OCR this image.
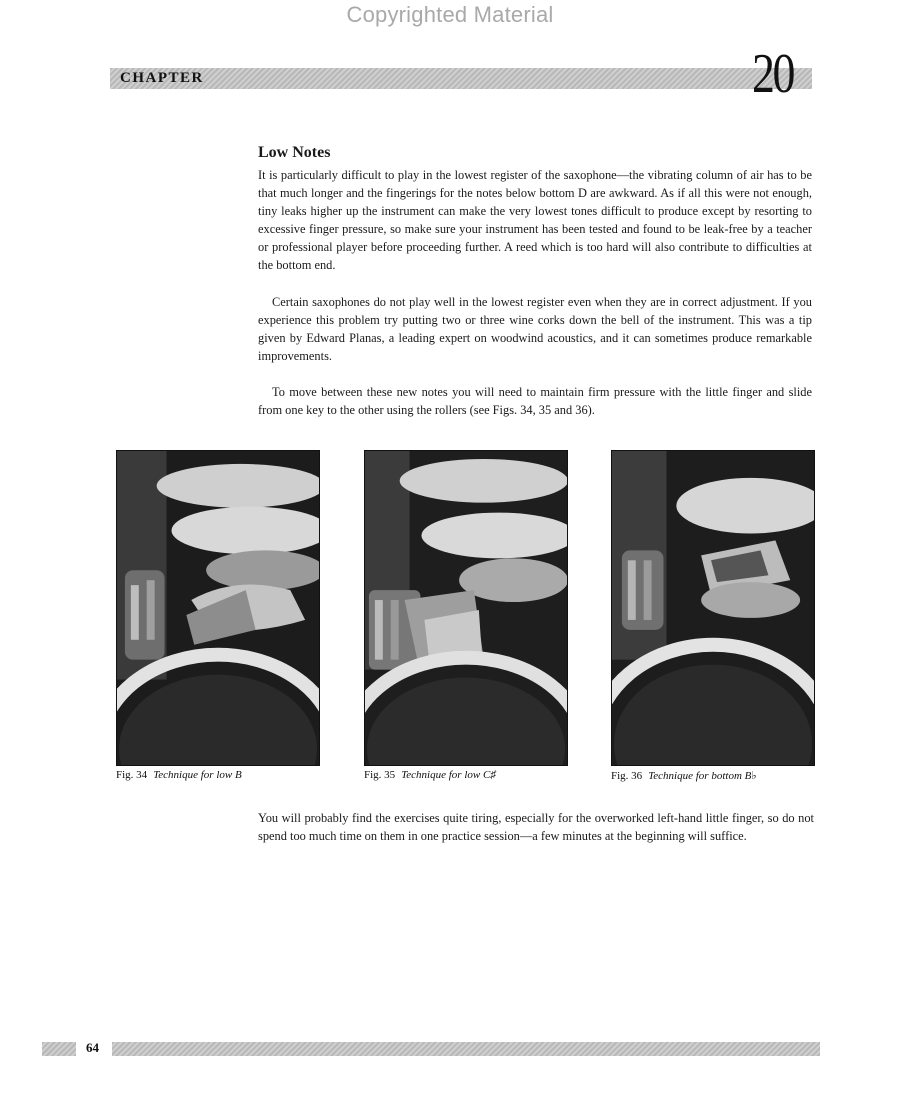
Copyrighted Material
CHAPTER	20
Low Notes

It is particularly difficult to play in the lowest register of the saxophone—the vibrating column of air has to be that much longer and the fingerings for the notes below bottom D are awkward. As if all this were not enough, tiny leaks higher up the instrument can make the very lowest tones difficult to produce except by resorting to excessive finger pressure, so make sure your instrument has been tested and found to be leak-free by a teacher or professional player before proceeding further. A reed which is too hard will also contribute to difficulties at the bottom end.

Certain saxophones do not play well in the lowest register even when they are in correct adjustment. If you experience this problem try putting two or three wine corks down the bell of the instrument. This was a tip given by Edward Planas, a leading expert on woodwind acoustics, and it can sometimes produce remarkable improvements.

To move between these new notes you will need to maintain firm pressure with the little finger and slide from one key to the other using the rollers (see Figs. 34, 35 and 36).

Fig. 34 Technique for low B	Fig. 35 Technique for low C♯	Fig. 36 Technique for bottom B♭

You will probably find the exercises quite tiring, especially for the overworked left-hand little finger, so do not spend too much time on them in one practice session—a few minutes at the beginning will suffice.

64
